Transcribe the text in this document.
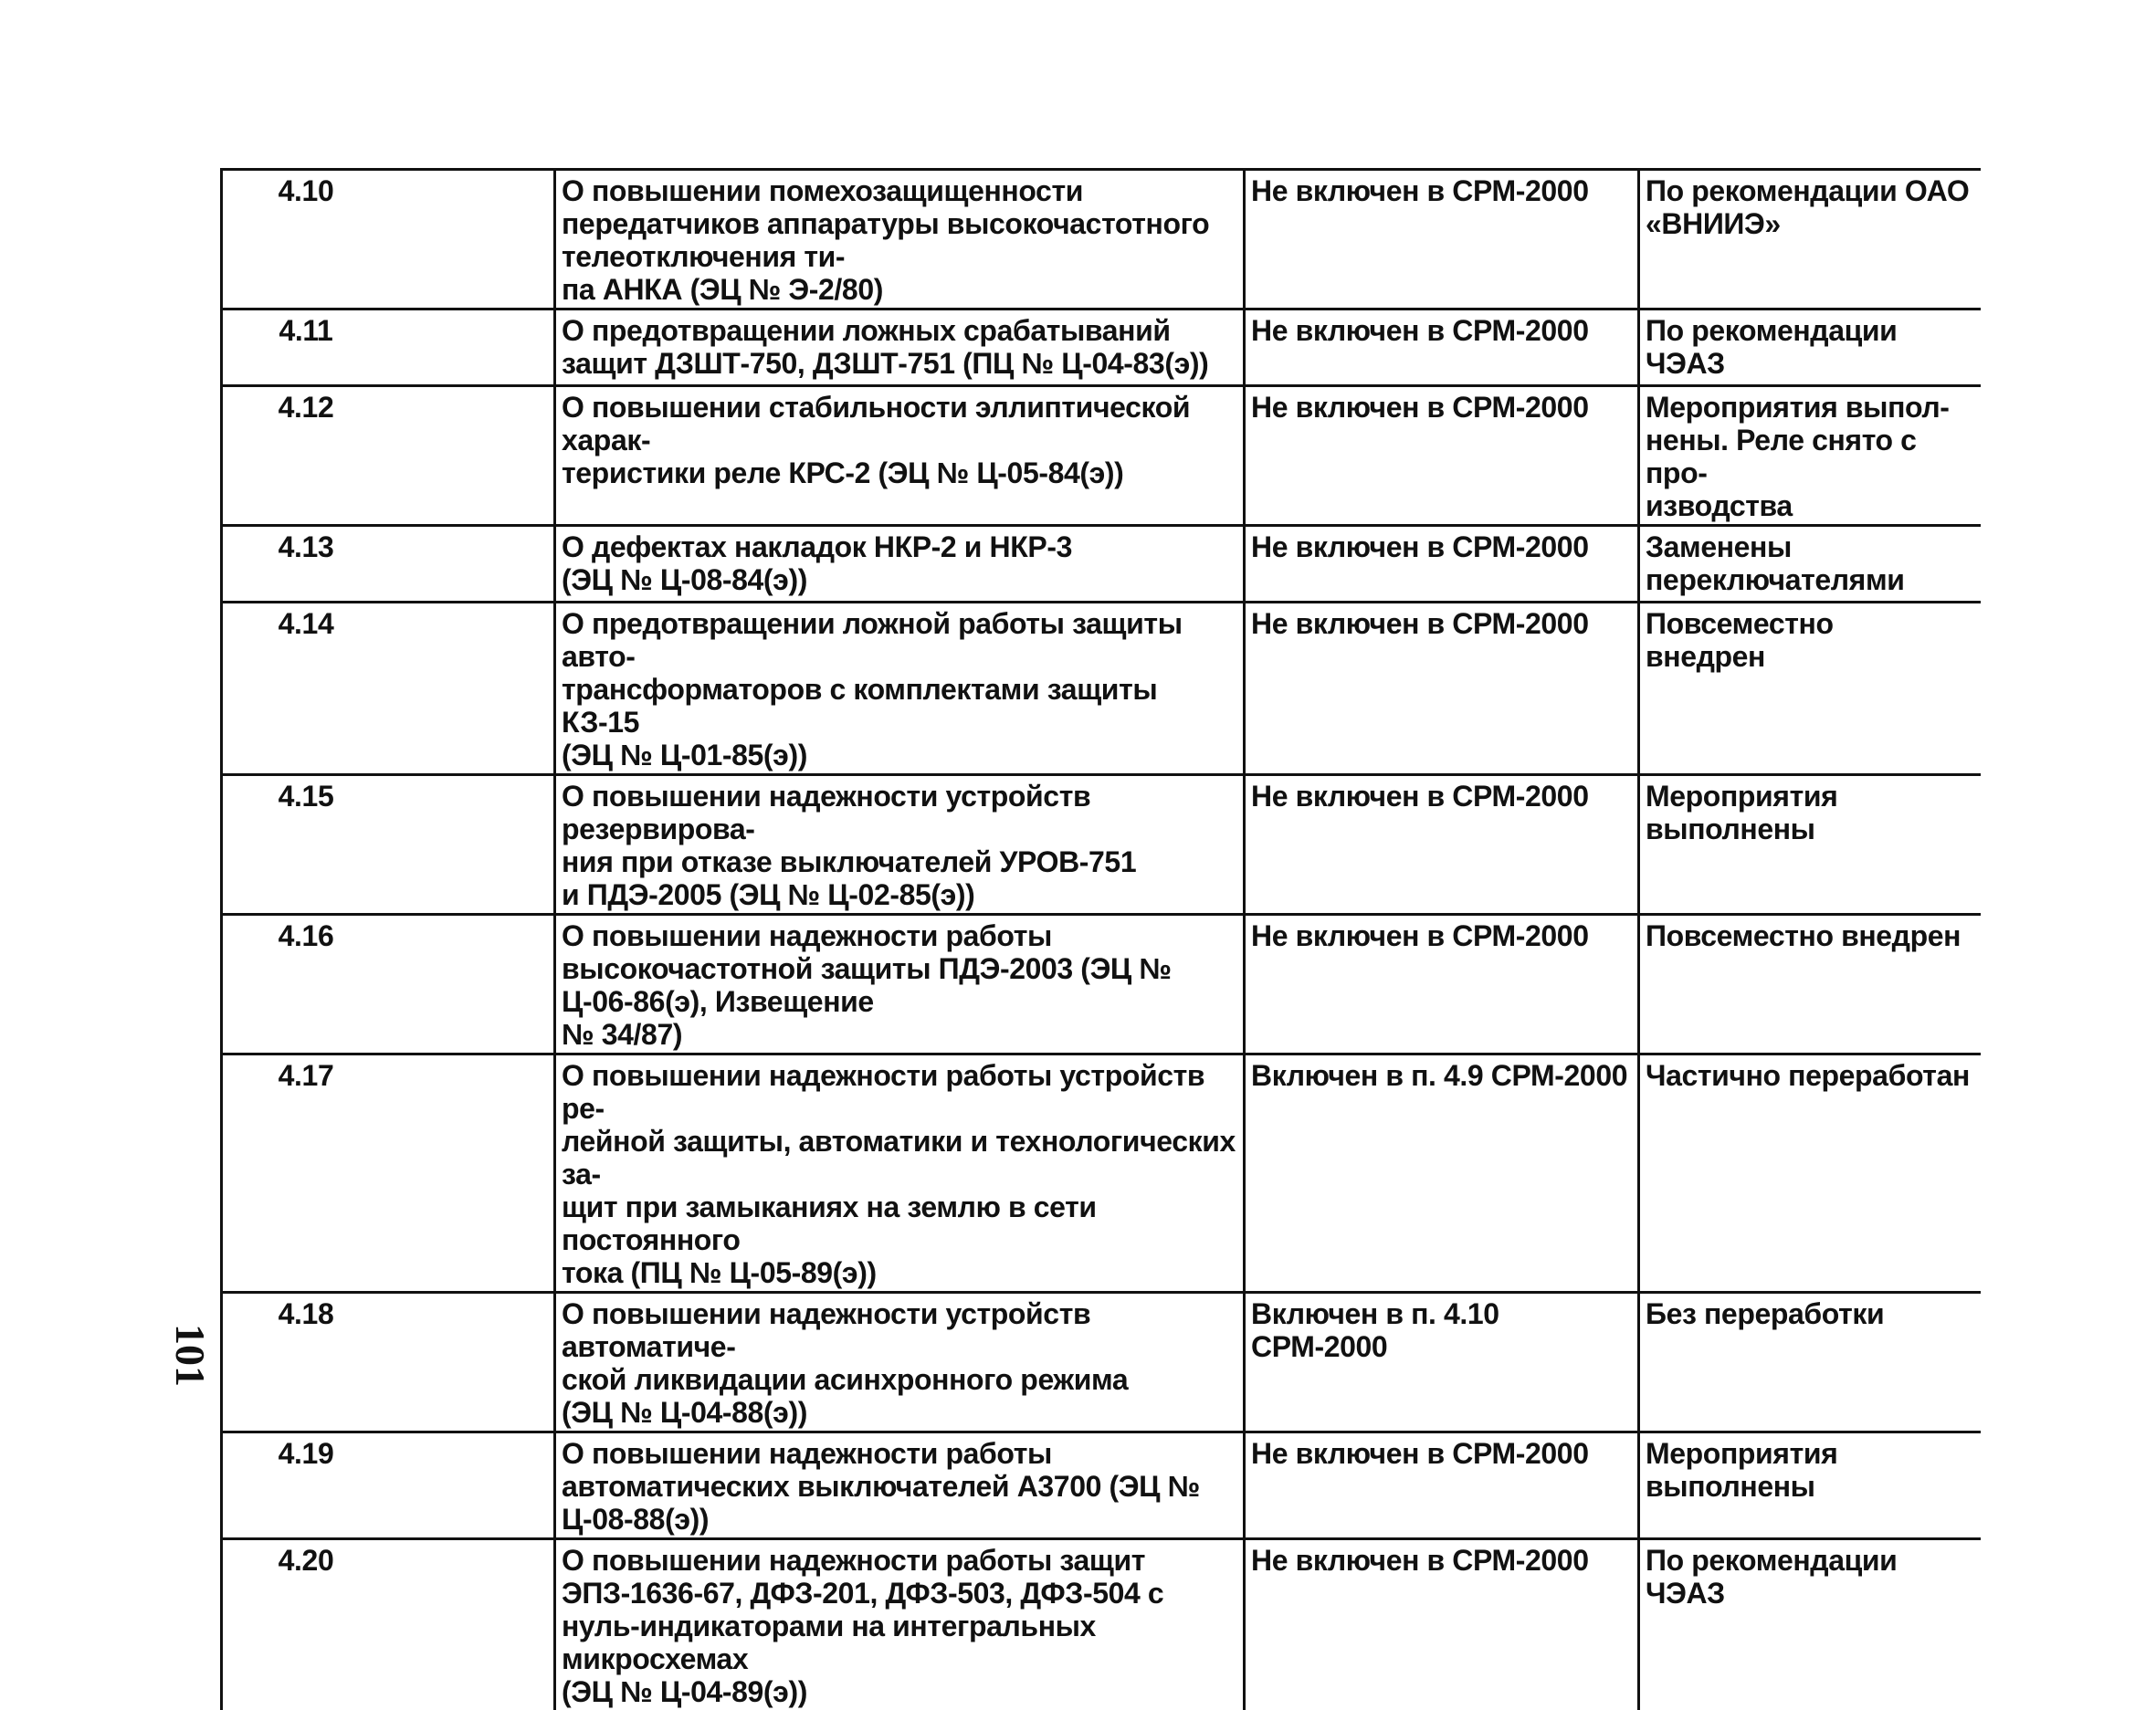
4.10	О повышении помехозащищенности передатчиков аппаратуры высокочастотного телеотключения ти-
па АНКА (ЭЦ № Э-2/80)	Не включен в СРМ-2000	По рекомендации ОАО «ВНИИЭ»
4.11	О предотвращении ложных срабатываний защит ДЗШТ-750, ДЗШТ-751 (ПЦ № Ц-04-83(э))	Не включен в СРМ-2000	По рекомендации ЧЭАЗ
4.12	О повышении стабильности эллиптической харак-
теристики реле КРС-2 (ЭЦ № Ц-05-84(э))	Не включен в СРМ-2000	Мероприятия выпол-
нены. Реле снято с про-
изводства
4.13	О дефектах накладок НКР-2 и НКР-3
(ЭЦ № Ц-08-84(э))	Не включен в СРМ-2000	Заменены
переключателями
4.14	О предотвращении ложной работы защиты авто-
трансформаторов с комплектами защиты КЗ-15
(ЭЦ № Ц-01-85(э))	Не включен в СРМ-2000	Повсеместно
внедрен
4.15	О повышении надежности устройств резервирова-
ния при отказе выключателей УРОВ-751
и ПДЭ-2005 (ЭЦ № Ц-02-85(э))	Не включен в СРМ-2000	Мероприятия
выполнены
4.16	О повышении надежности работы высокочастотной защиты ПДЭ-2003 (ЭЦ № Ц-06-86(э), Извещение
№ 34/87)	Не включен в СРМ-2000	Повсеместно внедрен
4.17	О повышении надежности работы устройств ре-
лейной защиты, автоматики и технологических за-
щит при замыканиях на землю в сети постоянного
тока (ПЦ № Ц-05-89(э))	Включен в п. 4.9 СРМ-2000	Частично переработан
4.18	О повышении надежности устройств автоматиче-
ской ликвидации асинхронного режима
(ЭЦ № Ц-04-88(э))	Включен в п. 4.10 СРМ-2000	Без переработки
4.19	О повышении надежности работы автоматических выключателей А3700 (ЭЦ № Ц-08-88(э))	Не включен в СРМ-2000	Мероприятия выполнены
4.20	О повышении надежности работы защит
ЭПЗ-1636-67, ДФЗ-201, ДФЗ-503, ДФЗ-504 с
нуль-индикаторами на интегральных микросхемах
(ЭЦ № Ц-04-89(э))	Не включен в СРМ-2000	По рекомендации ЧЭАЗ
101
